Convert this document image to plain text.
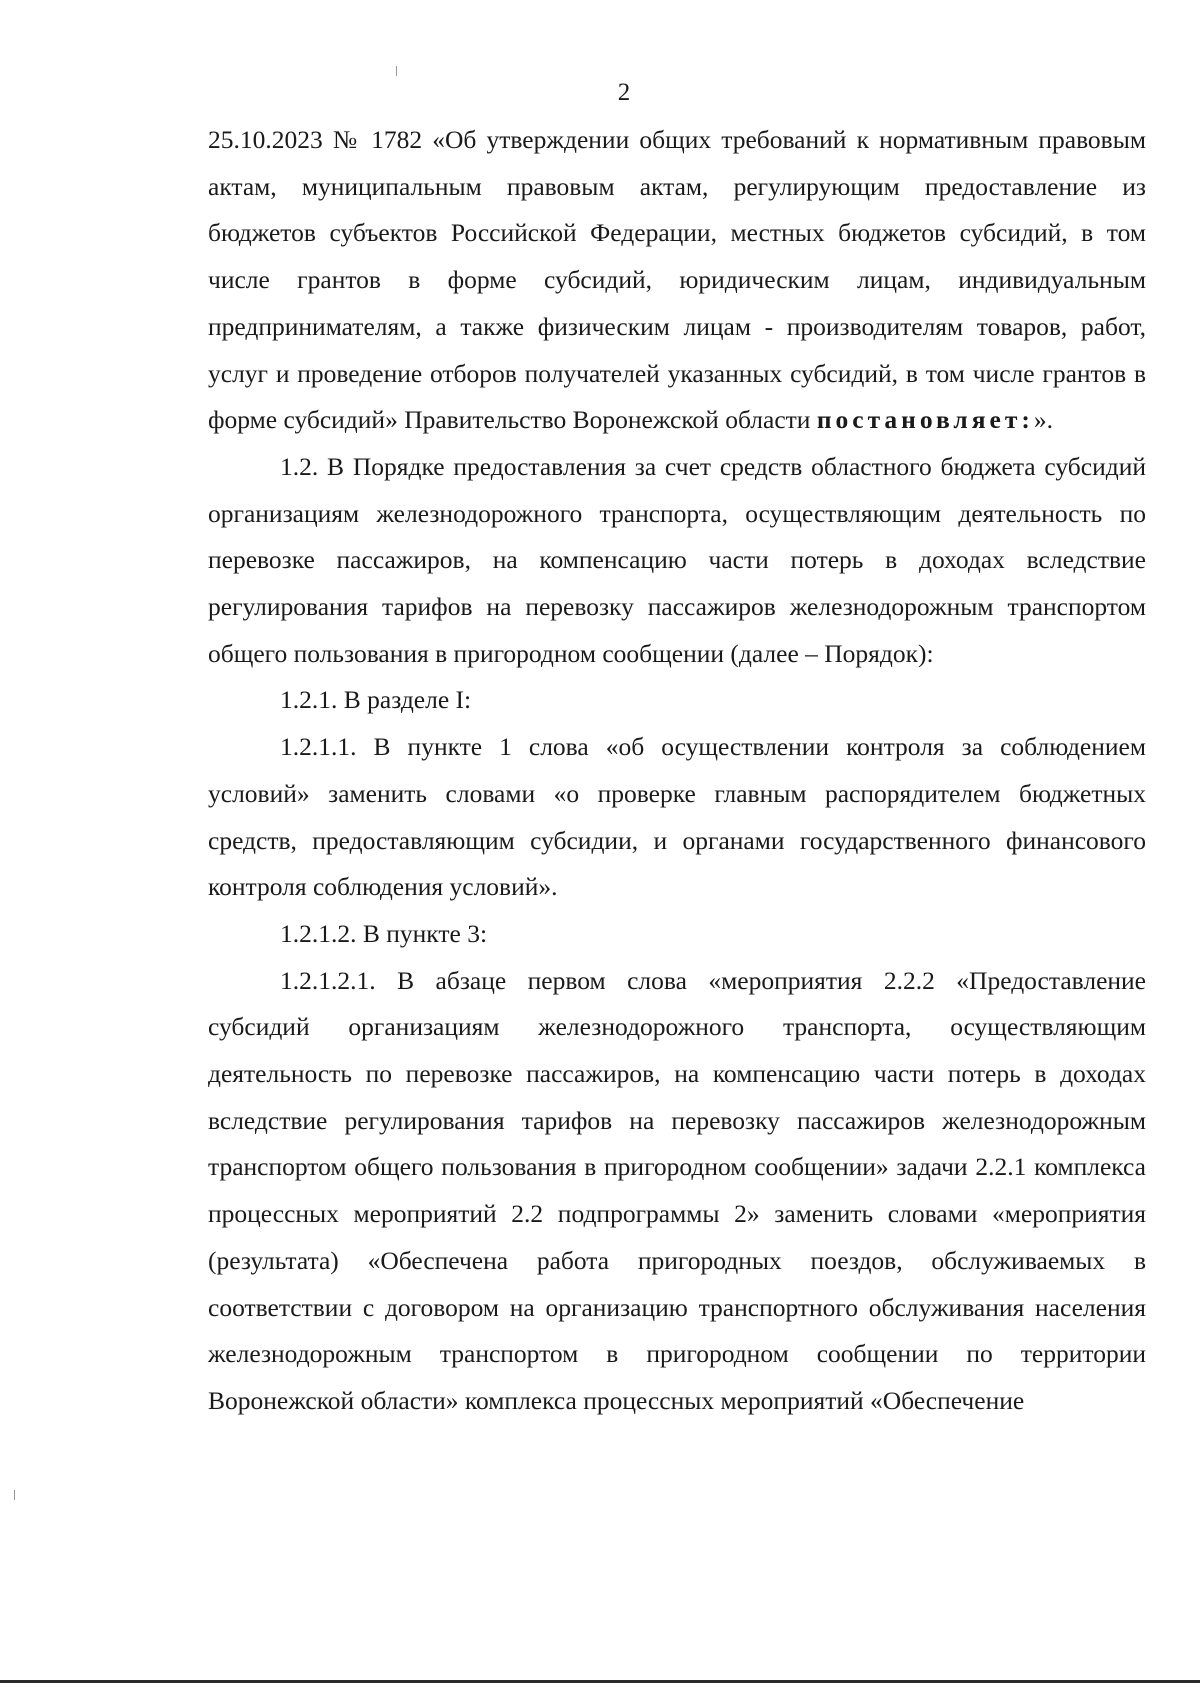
2

25.10.2023 № 1782 «Об утверждении общих требований к нормативным правовым актам, муниципальным правовым актам, регулирующим предоставление из бюджетов субъектов Российской Федерации, местных бюджетов субсидий, в том числе грантов в форме субсидий, юридическим лицам, индивидуальным предпринимателям, а также физическим лицам - производителям товаров, работ, услуг и проведение отборов получателей указанных субсидий, в том числе грантов в форме субсидий» Правительство Воронежской области постановляет:».

1.2. В Порядке предоставления за счет средств областного бюджета субсидий организациям железнодорожного транспорта, осуществляющим деятельность по перевозке пассажиров, на компенсацию части потерь в доходах вследствие регулирования тарифов на перевозку пассажиров железнодорожным транспортом общего пользования в пригородном сообщении (далее – Порядок):

1.2.1. В разделе I:

1.2.1.1. В пункте 1 слова «об осуществлении контроля за соблюдением условий» заменить словами «о проверке главным распорядителем бюджетных средств, предоставляющим субсидии, и органами государственного финансового контроля соблюдения условий».

1.2.1.2. В пункте 3:

1.2.1.2.1. В абзаце первом слова «мероприятия 2.2.2 «Предоставление субсидий организациям железнодорожного транспорта, осуществляющим деятельность по перевозке пассажиров, на компенсацию части потерь в доходах вследствие регулирования тарифов на перевозку пассажиров железнодорожным транспортом общего пользования в пригородном сообщении» задачи 2.2.1 комплекса процессных мероприятий 2.2 подпрограммы 2» заменить словами «мероприятия (результата) «Обеспечена работа пригородных поездов, обслуживаемых в соответствии с договором на организацию транспортного обслуживания населения железнодорожным транспортом в пригородном сообщении по территории Воронежской области» комплекса процессных мероприятий «Обеспечение
